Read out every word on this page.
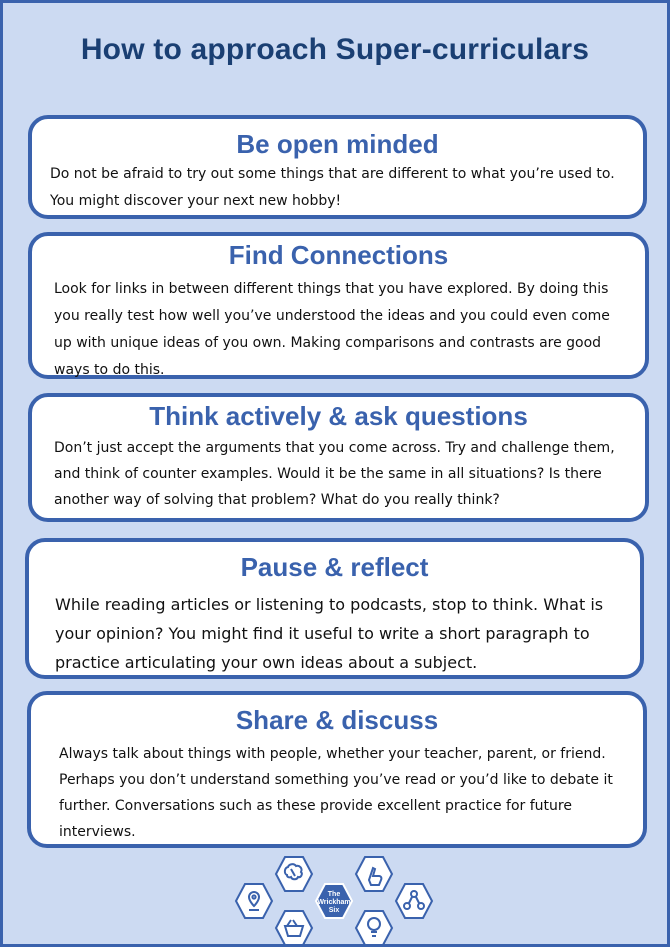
How to approach Super-curriculars
Be open minded

Do not be afraid to try out some things that are different to what you’re used to. You might discover your next new hobby!

Find Connections

Look for links in between different things that you have explored. By doing this you really test how well you’ve understood the ideas and you could even come up with unique ideas of you own. Making comparisons and contrasts are good ways to do this.

Think actively & ask questions

Don’t just accept the arguments that you come across. Try and challenge them, and think of counter examples. Would it be the same in all situations? Is there another way of solving that problem? What do you really think?

Pause & reflect

While reading articles or listening to podcasts, stop to think. What is your opinion? You might find it useful to write a short paragraph to practice articulating your own ideas about a subject.

Share & discuss

Always talk about things with people, whether your teacher, parent, or friend. Perhaps you don’t understand something you’ve read or you’d like to debate it further. Conversations such as these provide excellent practice for future interviews.

The
Wrickham
Six
